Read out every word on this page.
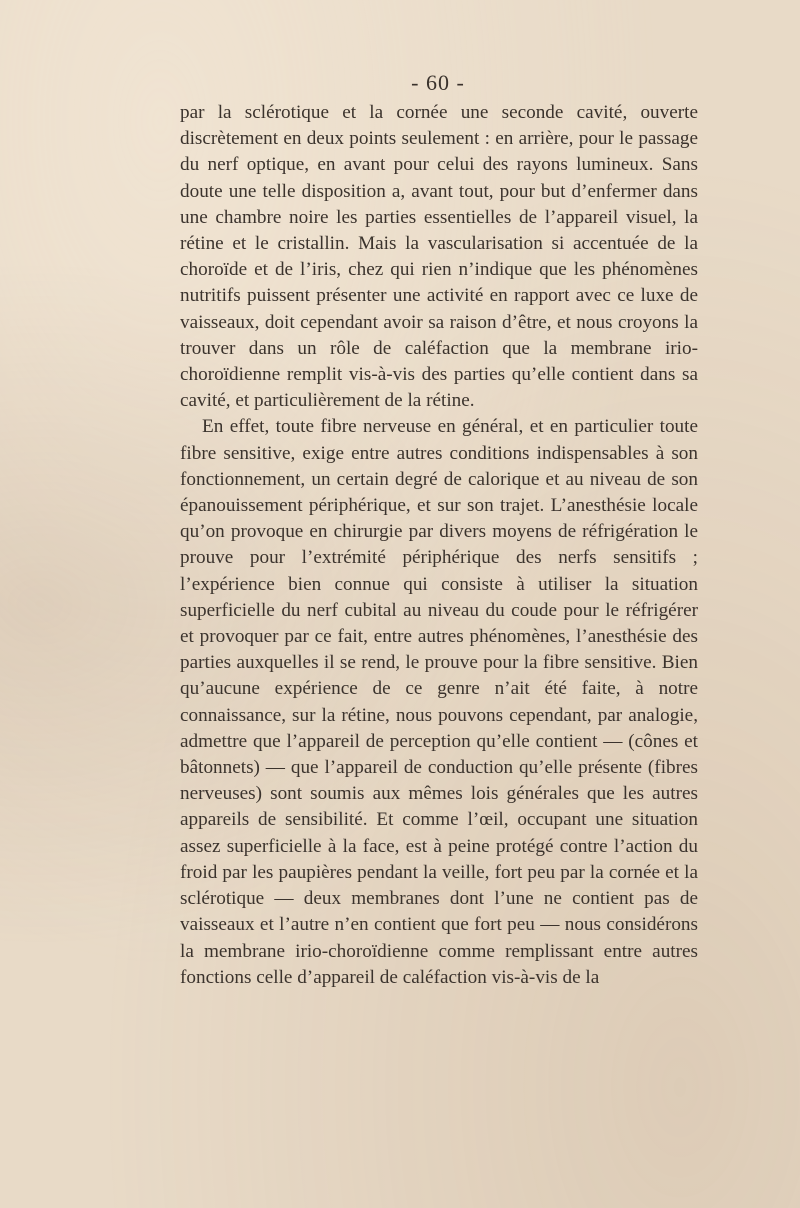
- 60 -

par la sclérotique et la cornée une seconde cavité, ouverte discrètement en deux points seulement : en arrière, pour le passage du nerf optique, en avant pour celui des rayons lumineux. Sans doute une telle disposition a, avant tout, pour but d’enfermer dans une chambre noire les parties essentielles de l’appareil visuel, la rétine et le cristallin. Mais la vascularisation si accentuée de la choroïde et de l’iris, chez qui rien n’indique que les phénomènes nutritifs puissent présenter une activité en rapport avec ce luxe de vaisseaux, doit cependant avoir sa raison d’être, et nous croyons la trouver dans un rôle de caléfaction que la membrane irio-choroïdienne remplit vis-à-vis des parties qu’elle contient dans sa cavité, et particulièrement de la rétine.

En effet, toute fibre nerveuse en général, et en particulier toute fibre sensitive, exige entre autres conditions indispensables à son fonctionnement, un certain degré de calorique et au niveau de son épanouissement périphérique, et sur son trajet. L’anesthésie locale qu’on provoque en chirurgie par divers moyens de réfrigération le prouve pour l’extrémité périphérique des nerfs sensitifs ; l’expérience bien connue qui consiste à utiliser la situation superficielle du nerf cubital au niveau du coude pour le réfrigérer et provoquer par ce fait, entre autres phénomènes, l’anesthésie des parties auxquelles il se rend, le prouve pour la fibre sensitive. Bien qu’aucune expérience de ce genre n’ait été faite, à notre connaissance, sur la rétine, nous pouvons cependant, par analogie, admettre que l’appareil de perception qu’elle contient — (cônes et bâtonnets) — que l’appareil de conduction qu’elle présente (fibres nerveuses) sont soumis aux mêmes lois générales que les autres appareils de sensibilité. Et comme l’œil, occupant une situation assez superficielle à la face, est à peine protégé contre l’action du froid par les paupières pendant la veille, fort peu par la cornée et la sclérotique — deux membranes dont l’une ne contient pas de vaisseaux et l’autre n’en contient que fort peu — nous considérons la membrane irio-choroïdienne comme remplissant entre autres fonctions celle d’appareil de caléfaction vis-à-vis de la
